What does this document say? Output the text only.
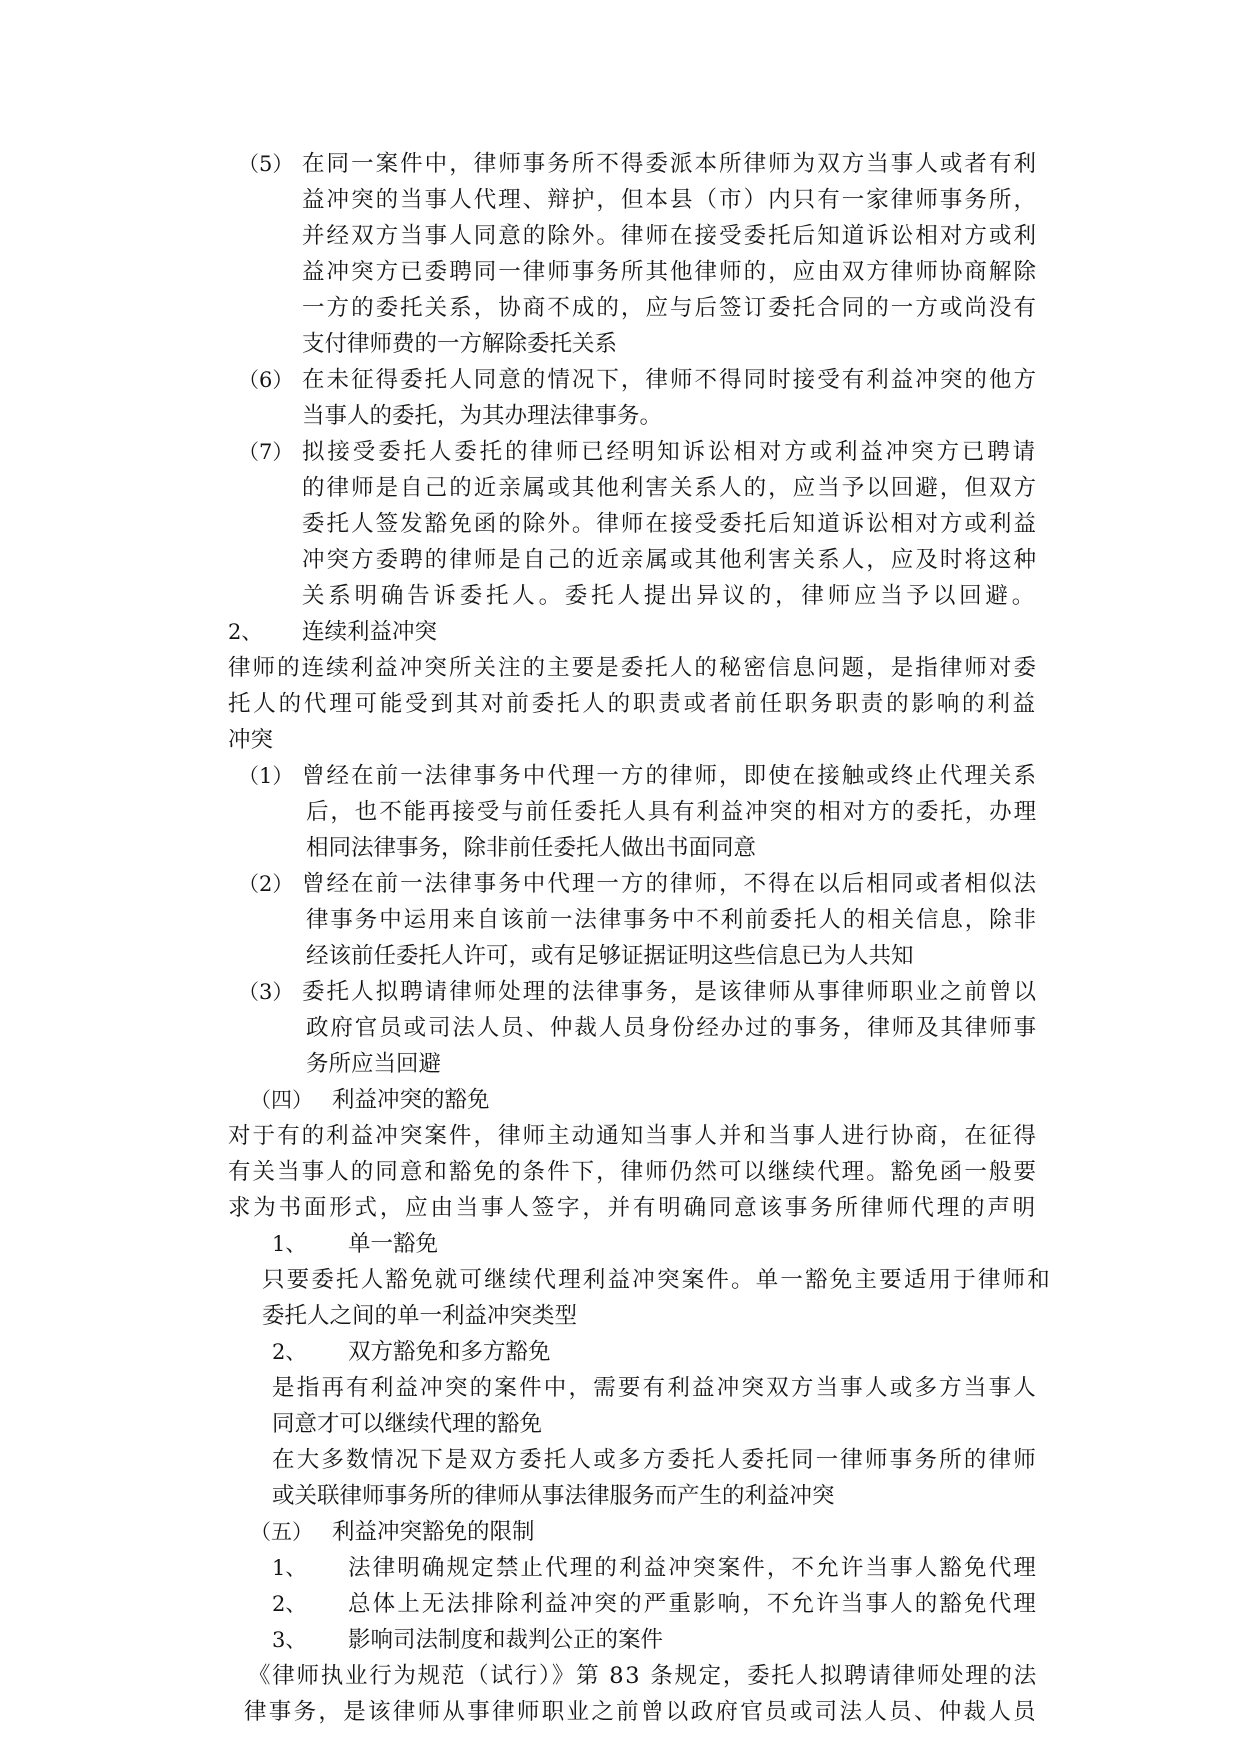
（5） 在同一案件中，律师事务所不得委派本所律师为双方当事人或者有利
益冲突的当事人代理、辩护，但本县（市）内只有一家律师事务所，
并经双方当事人同意的除外。律师在接受委托后知道诉讼相对方或利
益冲突方已委聘同一律师事务所其他律师的，应由双方律师协商解除
一方的委托关系，协商不成的，应与后签订委托合同的一方或尚没有
支付律师费的一方解除委托关系
（6） 在未征得委托人同意的情况下，律师不得同时接受有利益冲突的他方
当事人的委托，为其办理法律事务。
（7） 拟接受委托人委托的律师已经明知诉讼相对方或利益冲突方已聘请
的律师是自己的近亲属或其他利害关系人的，应当予以回避，但双方
委托人签发豁免函的除外。律师在接受委托后知道诉讼相对方或利益
冲突方委聘的律师是自己的近亲属或其他利害关系人，应及时将这种
关系明确告诉委托人。委托人提出异议的，律师应当予以回避。
2、 连续利益冲突
律师的连续利益冲突所关注的主要是委托人的秘密信息问题，是指律师对委
托人的代理可能受到其对前委托人的职责或者前任职务职责的影响的利益
冲突
（1） 曾经在前一法律事务中代理一方的律师，即使在接触或终止代理关系
后，也不能再接受与前任委托人具有利益冲突的相对方的委托，办理
相同法律事务，除非前任委托人做出书面同意
（2） 曾经在前一法律事务中代理一方的律师，不得在以后相同或者相似法
律事务中运用来自该前一法律事务中不利前委托人的相关信息，除非
经该前任委托人许可，或有足够证据证明这些信息已为人共知
（3） 委托人拟聘请律师处理的法律事务，是该律师从事律师职业之前曾以
政府官员或司法人员、仲裁人员身份经办过的事务，律师及其律师事
务所应当回避
（四） 利益冲突的豁免
对于有的利益冲突案件，律师主动通知当事人并和当事人进行协商，在征得
有关当事人的同意和豁免的条件下，律师仍然可以继续代理。豁免函一般要
求为书面形式，应由当事人签字，并有明确同意该事务所律师代理的声明
1、 单一豁免
只要委托人豁免就可继续代理利益冲突案件。单一豁免主要适用于律师和
委托人之间的单一利益冲突类型
2、 双方豁免和多方豁免
是指再有利益冲突的案件中，需要有利益冲突双方当事人或多方当事人
同意才可以继续代理的豁免
在大多数情况下是双方委托人或多方委托人委托同一律师事务所的律师
或关联律师事务所的律师从事法律服务而产生的利益冲突
（五） 利益冲突豁免的限制
1、 法律明确规定禁止代理的利益冲突案件，不允许当事人豁免代理
2、 总体上无法排除利益冲突的严重影响，不允许当事人的豁免代理
3、 影响司法制度和裁判公正的案件
《律师执业行为规范（试行）》第 83 条规定，委托人拟聘请律师处理的法
律事务，是该律师从事律师职业之前曾以政府官员或司法人员、仲裁人员
